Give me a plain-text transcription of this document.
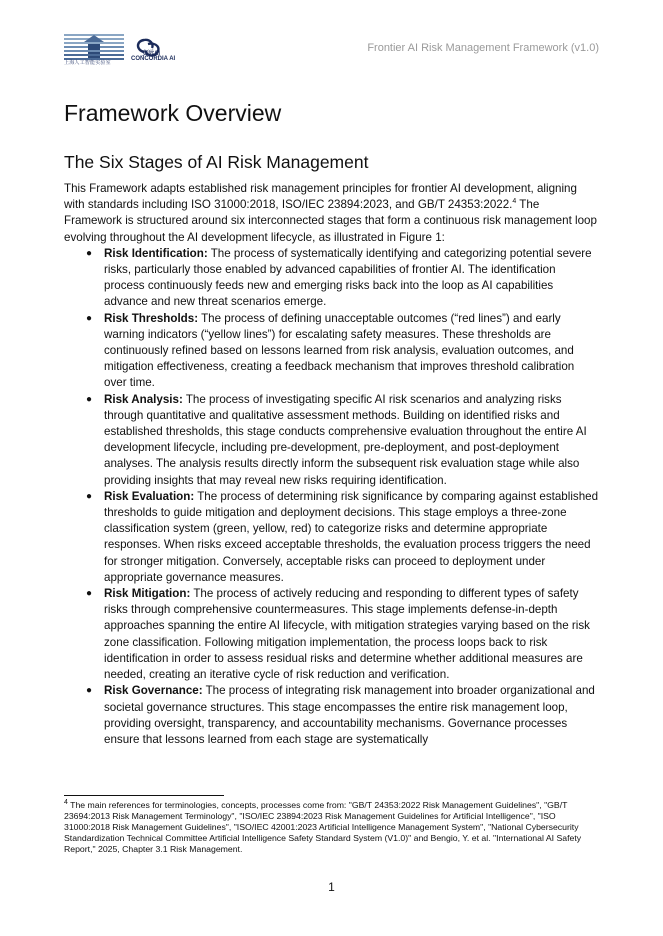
上海人工智能实验室
安远AI
CONCORDIA AI
Frontier AI Risk Management Framework (v1.0)
Framework Overview
The Six Stages of AI Risk Management

This Framework adapts established risk management principles for frontier AI development, aligning with standards including ISO 31000:2018, ISO/IEC 23894:2023, and GB/T 24353:2022.$^4$ The Framework is structured around six interconnected stages that form a continuous risk management loop evolving throughout the AI development lifecycle, as illustrated in Figure 1:

● Risk Identification: The process of systematically identifying and categorizing potential severe risks, particularly those enabled by advanced capabilities of frontier AI. The identification process continuously feeds new and emerging risks back into the loop as AI capabilities advance and new threat scenarios emerge.
● Risk Thresholds: The process of defining unacceptable outcomes (“red lines”) and early warning indicators (“yellow lines”) for escalating safety measures. These thresholds are continuously refined based on lessons learned from risk analysis, evaluation outcomes, and mitigation effectiveness, creating a feedback mechanism that improves threshold calibration over time.
● Risk Analysis: The process of investigating specific AI risk scenarios and analyzing risks through quantitative and qualitative assessment methods. Building on identified risks and established thresholds, this stage conducts comprehensive evaluation throughout the entire AI development lifecycle, including pre-development, pre-deployment, and post-deployment analyses. The analysis results directly inform the subsequent risk evaluation stage while also providing insights that may reveal new risks requiring identification.
● Risk Evaluation: The process of determining risk significance by comparing against established thresholds to guide mitigation and deployment decisions. This stage employs a three-zone classification system (green, yellow, red) to categorize risks and determine appropriate responses. When risks exceed acceptable thresholds, the evaluation process triggers the need for stronger mitigation. Conversely, acceptable risks can proceed to deployment under appropriate governance measures.
● Risk Mitigation: The process of actively reducing and responding to different types of safety risks through comprehensive countermeasures. This stage implements defense-in-depth approaches spanning the entire AI lifecycle, with mitigation strategies varying based on the risk zone classification. Following mitigation implementation, the process loops back to risk identification in order to assess residual risks and determine whether additional measures are needed, creating an iterative cycle of risk reduction and verification.
● Risk Governance: The process of integrating risk management into broader organizational and societal governance structures. This stage encompasses the entire risk management loop, providing oversight, transparency, and accountability mechanisms. Governance processes ensure that lessons learned from each stage are systematically

$^4$ The main references for terminologies, concepts, processes come from: "GB/T 24353:2022 Risk Management Guidelines", "GB/T 23694:2013 Risk Management Terminology", "ISO/IEC 23894:2023 Risk Management Guidelines for Artificial Intelligence", "ISO 31000:2018 Risk Management Guidelines", "ISO/IEC 42001:2023 Artificial Intelligence Management System", "National Cybersecurity Standardization Technical Committee Artificial Intelligence Safety Standard System (V1.0)" and Bengio, Y. et al. "International AI Safety Report," 2025, Chapter 3.1 Risk Management.

1
